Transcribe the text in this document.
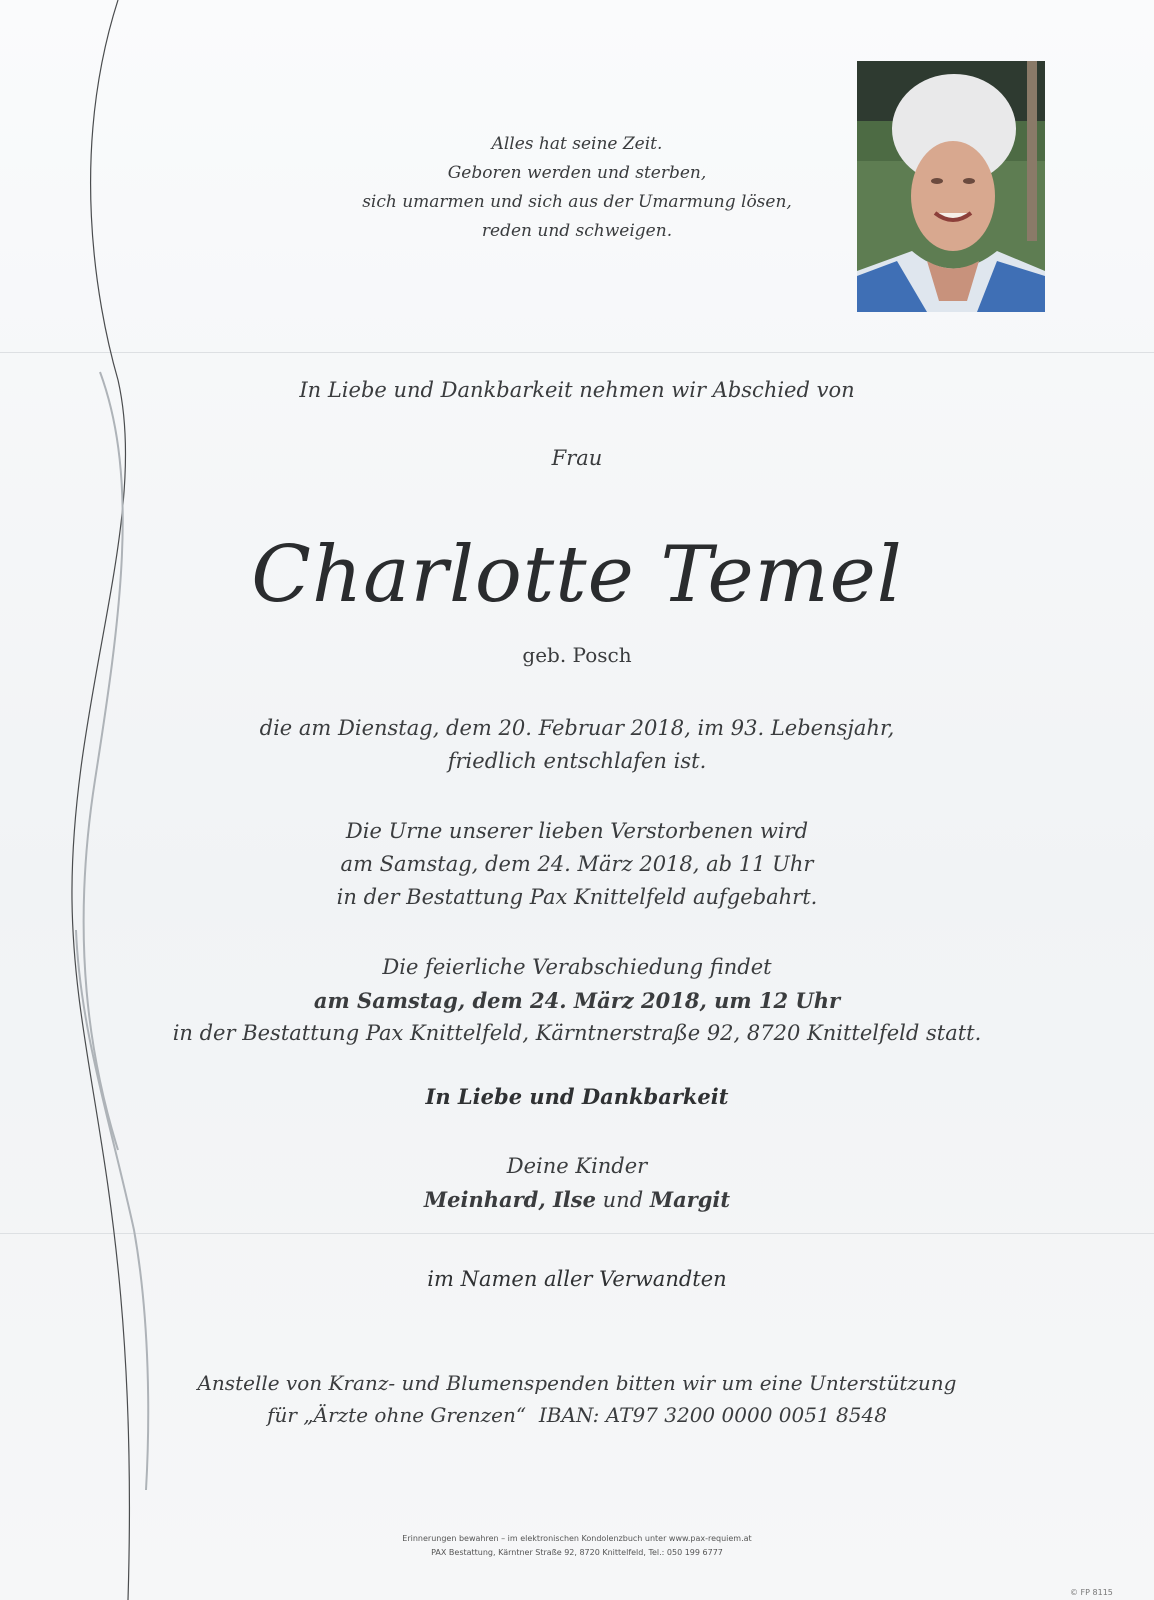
Alles hat seine Zeit.
Geboren werden und sterben,
sich umarmen und sich aus der Umarmung lösen,
reden und schweigen.
In Liebe und Dankbarkeit nehmen wir Abschied von
Frau
Charlotte Temel
geb. Posch
die am Dienstag, dem 20. Februar 2018, im 93. Lebensjahr,
friedlich entschlafen ist.
Die Urne unserer lieben Verstorbenen wird
am Samstag, dem 24. März 2018, ab 11 Uhr
in der Bestattung Pax Knittelfeld aufgebahrt.
Die feierliche Verabschiedung findet
am Samstag, dem 24. März 2018, um 12 Uhr
in der Bestattung Pax Knittelfeld, Kärntnerstraße 92, 8720 Knittelfeld statt.
In Liebe und Dankbarkeit
Deine Kinder
Meinhard, Ilse und Margit
im Namen aller Verwandten
Anstelle von Kranz- und Blumenspenden bitten wir um eine Unterstützung
für „Ärzte ohne Grenzen“  IBAN: AT97 3200 0000 0051 8548
Erinnerungen bewahren – im elektronischen Kondolenzbuch unter www.pax-requiem.at
PAX Bestattung, Kärntner Straße 92, 8720 Knittelfeld, Tel.: 050 199 6777
© FP 8115
